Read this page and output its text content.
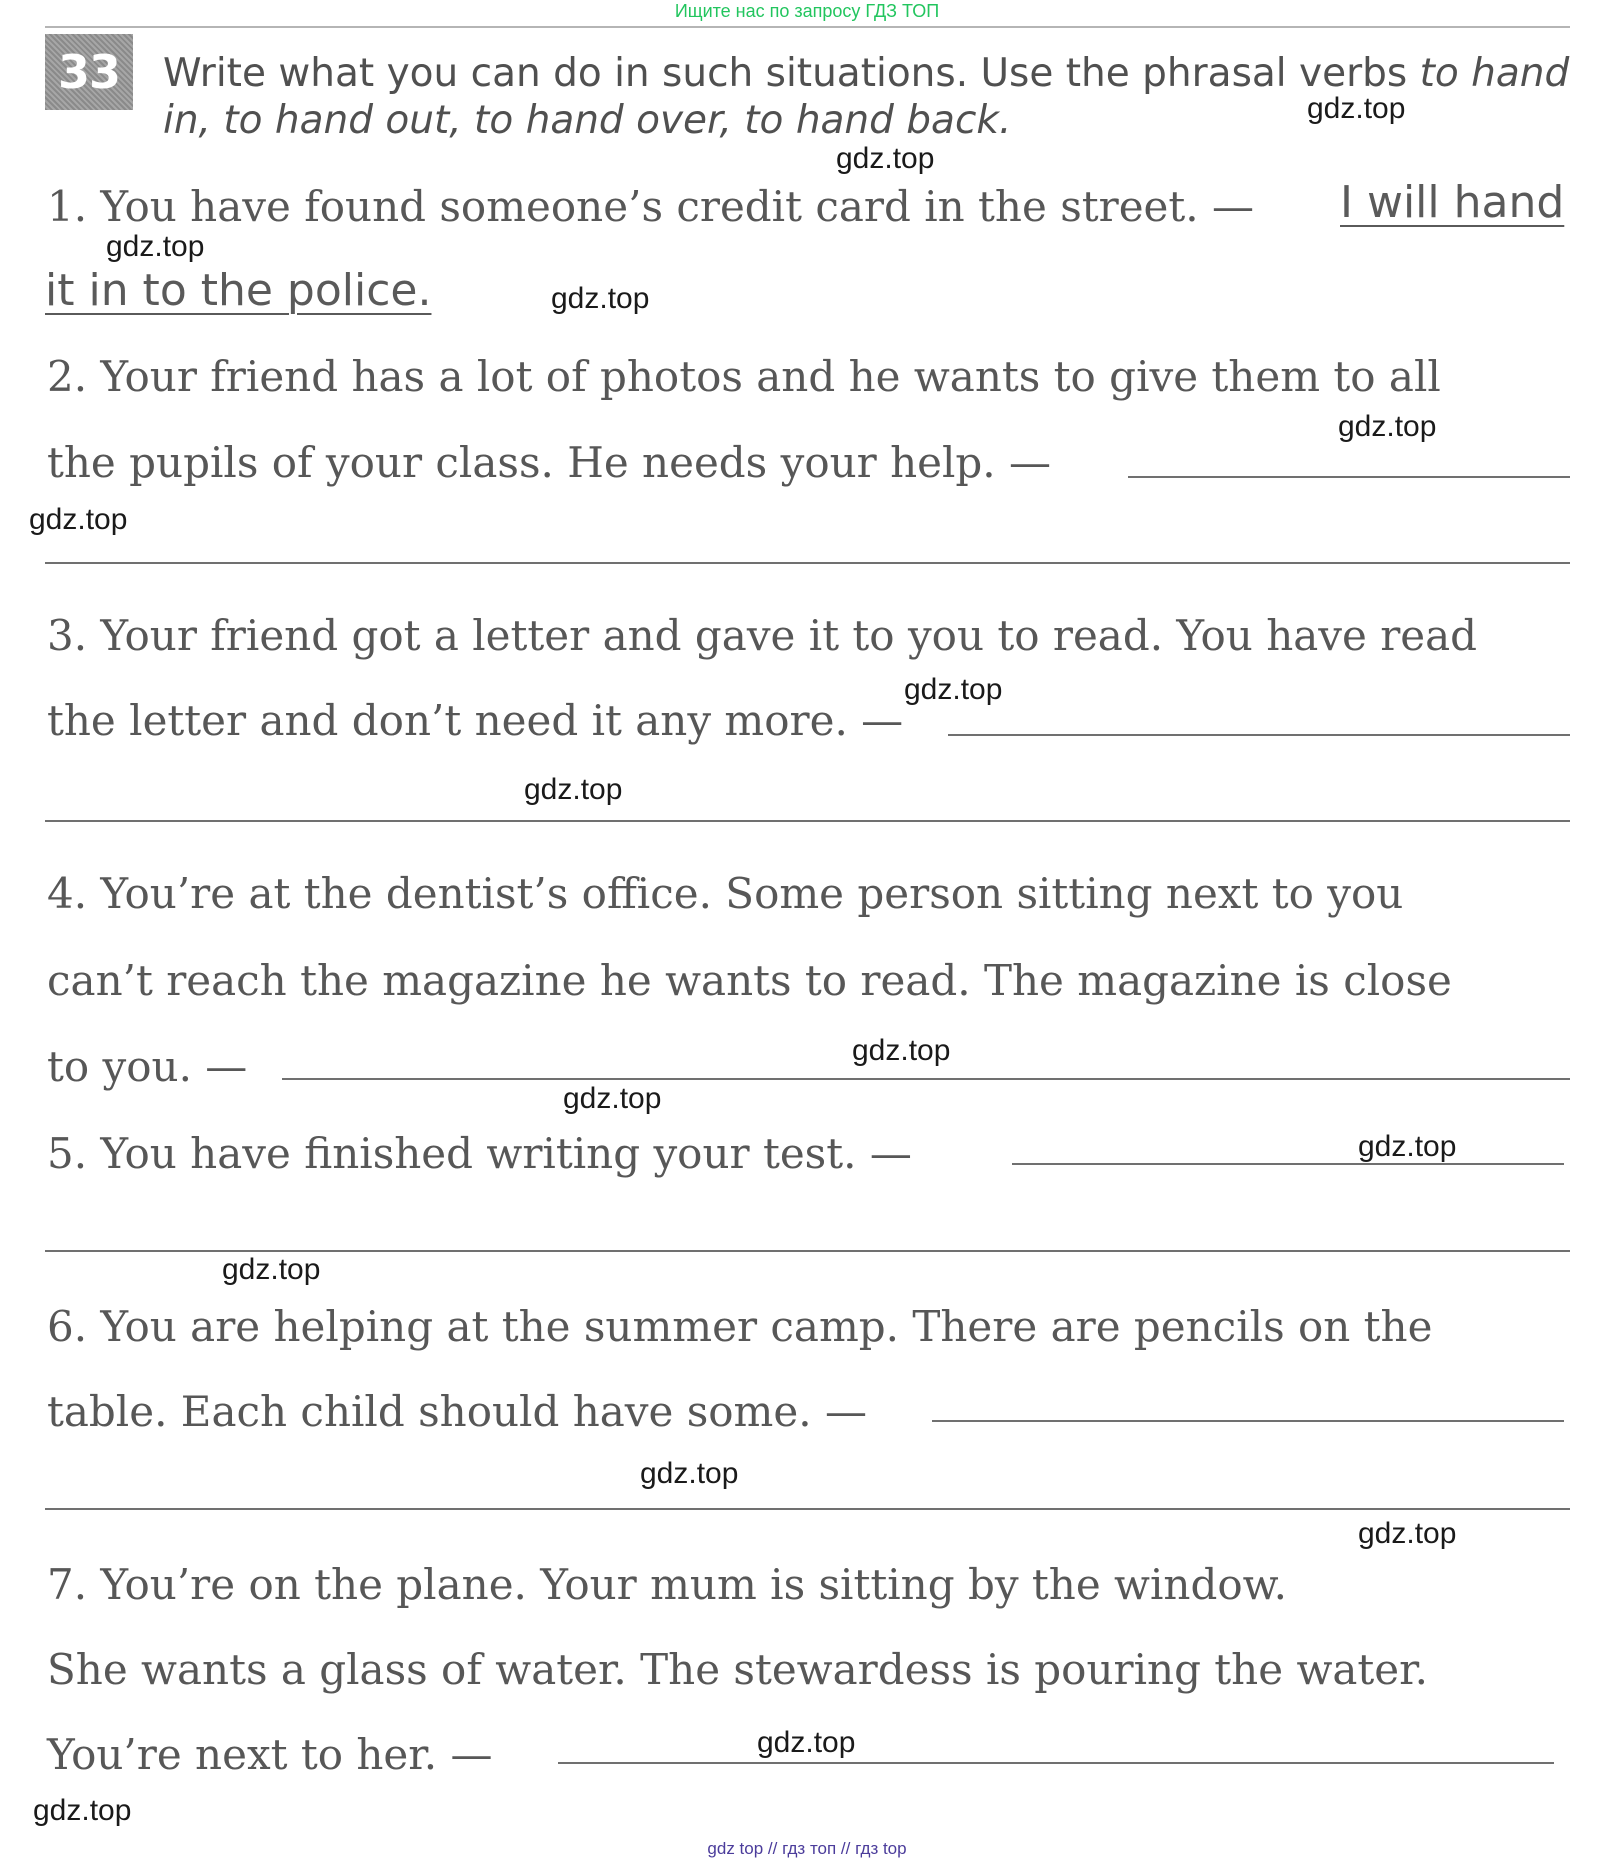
Ищите нас по запросу ГДЗ ТОП
33	Write what you can do in such situations. Use the phrasal verbs to hand
in, to hand out, to hand over, to hand back.
1. You have found someone’s credit card in the street. — I will hand
it in to the police.
2. Your friend has a lot of photos and he wants to give them to all
the pupils of your class. He needs your help. —
3. Your friend got a letter and gave it to you to read. You have read
the letter and don’t need it any more. —
4. You’re at the dentist’s office. Some person sitting next to you
can’t reach the magazine he wants to read. The magazine is close
to you. —
5. You have finished writing your test. —
6. You are helping at the summer camp. There are pencils on the
table. Each child should have some. —
7. You’re on the plane. Your mum is sitting by the window.
She wants a glass of water. The stewardess is pouring the water.
You’re next to her. —
gdz.top
gdz.top
gdz.top
gdz.top
gdz.top
gdz.top
gdz.top
gdz.top
gdz.top
gdz.top
gdz.top
gdz.top
gdz.top
gdz.top
gdz.top
gdz.top
gdz top // гдз топ // гдз top
